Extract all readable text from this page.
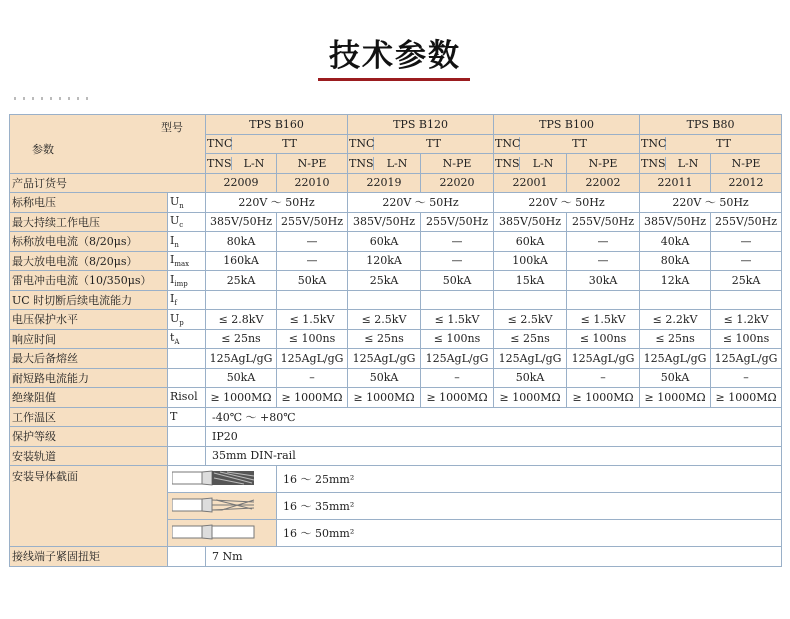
技术参数
型号
参数		TPS B160		TPS B120		TPS B100		TPS B80	

		TNC TT		TNC TT		TNC TT		TNC TT	

		TNS L-N	N-PE	TNS L-N	N-PE	TNS L-N	N-PE	TNS L-N	N-PE
产品订货号		22009	22010	22019	22020	22001	22002	22011	22012
标称电压	$U_n$	220V ～ 50Hz		220V ～ 50Hz		220V ～ 50Hz		220V ～ 50Hz	
最大持续工作电压	$U_c$	385V/50Hz	255V/50Hz	385V/50Hz	255V/50Hz	385V/50Hz	255V/50Hz	385V/50Hz	255V/50Hz
标称放电电流（8/20μs）	$I_n$	80kA	—	60kA	—	60kA	—	40kA	—
最大放电电流（8/20μs）	$I_{max}$	160kA	—	120kA	—	100kA	—	80kA	—
雷电冲击电流（10/350μs）	$I_{imp}$	25kA	50kA	25kA	50kA	15kA	30kA	12kA	25kA
UC 时切断后续电流能力	$I_f$								
电压保护水平	$U_p$	≤ 2.8kV	≤ 1.5kV	≤ 2.5kV	≤ 1.5kV	≤ 2.5kV	≤ 1.5kV	≤ 2.2kV	≤ 1.2kV
响应时间	$t_A$	≤ 25ns	≤ 100ns	≤ 25ns	≤ 100ns	≤ 25ns	≤ 100ns	≤ 25ns	≤ 100ns
最大后备熔丝		125AgL/gG	125AgL/gG	125AgL/gG	125AgL/gG	125AgL/gG	125AgL/gG	125AgL/gG	125AgL/gG
耐短路电流能力		50kA	–	50kA	–	50kA	–	50kA	–
绝缘阻值	Risol	≥ 1000MΩ	≥ 1000MΩ	≥ 1000MΩ	≥ 1000MΩ	≥ 1000MΩ	≥ 1000MΩ	≥ 1000MΩ	≥ 1000MΩ
工作温区	T	-40℃ ～ +80℃							
保护等级		IP20							
安装轨道		35mm DIN-rail							
安装导体截面			16 ～ 25mm²						
	16 ～ 35mm²						
	16 ～ 50mm²						
接线端子紧固扭矩		7 Nm							
